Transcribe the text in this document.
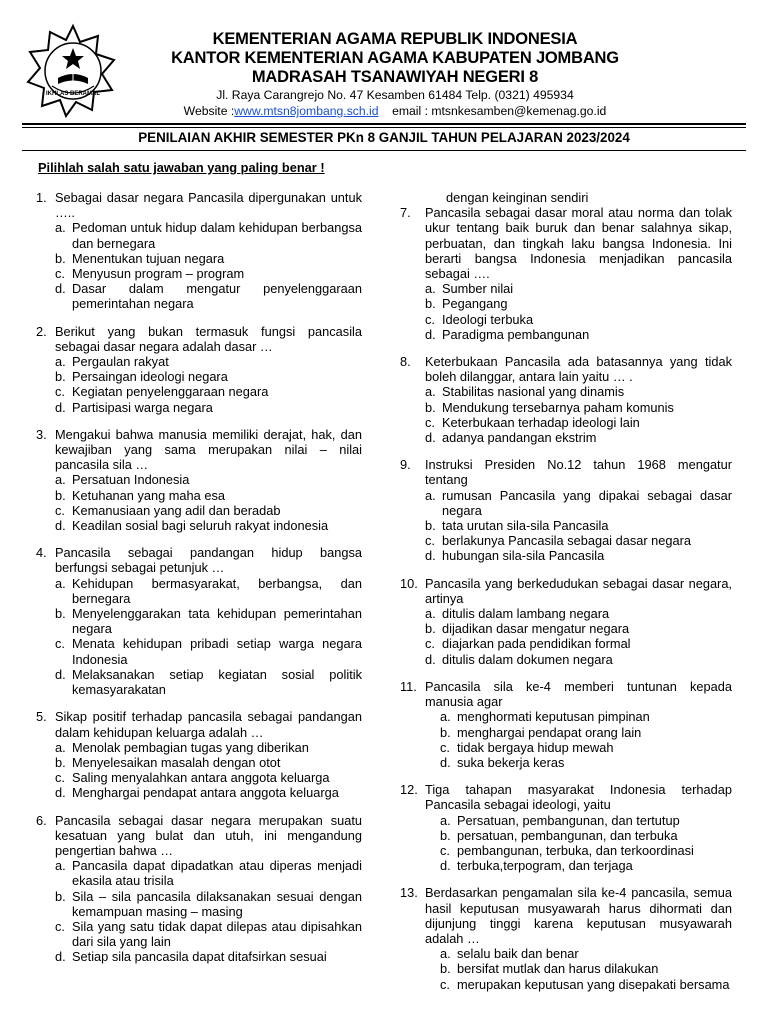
IKHLAS BERAMAL
KEMENTERIAN AGAMA REPUBLIK INDONESIA
KANTOR KEMENTERIAN AGAMA KABUPATEN JOMBANG
MADRASAH TSANAWIYAH NEGERI 8
Jl. Raya Carangrejo No. 47 Kesamben 61484 Telp. (0321) 495934
Website :www.mtsn8jombang.sch.id email : mtsnkesamben@kemenag.go.id
PENILAIAN AKHIR SEMESTER PKn 8 GANJIL TAHUN PELAJARAN 2023/2024
Pilihlah salah satu jawaban yang paling benar !
1. Sebagai dasar negara Pancasila dipergunakan untuk …..
a. Pedoman untuk hidup dalam kehidupan berbangsa dan bernegara
b. Menentukan tujuan negara
c. Menyusun program – program
d. Dasar dalam mengatur penyelenggaraan pemerintahan negara
2. Berikut yang bukan termasuk fungsi pancasila sebagai dasar negara adalah dasar …
a. Pergaulan rakyat
b. Persaingan ideologi negara
c. Kegiatan penyelenggaraan negara
d. Partisipasi warga negara
3. Mengakui bahwa manusia memiliki derajat, hak, dan kewajiban yang sama merupakan nilai – nilai pancasila sila …
a. Persatuan Indonesia
b. Ketuhanan yang maha esa
c. Kemanusiaan yang adil dan beradab
d. Keadilan sosial bagi seluruh rakyat indonesia
4. Pancasila sebagai pandangan hidup bangsa berfungsi sebagai petunjuk …
a. Kehidupan bermasyarakat, berbangsa, dan bernegara
b. Menyelenggarakan tata kehidupan pemerintahan negara
c. Menata kehidupan pribadi setiap warga negara Indonesia
d. Melaksanakan setiap kegiatan sosial politik kemasyarakatan
5. Sikap positif terhadap pancasila sebagai pandangan dalam kehidupan keluarga adalah …
a. Menolak pembagian tugas yang diberikan
b. Menyelesaikan masalah dengan otot
c. Saling menyalahkan antara anggota keluarga
d. Menghargai pendapat antara anggota keluarga
6. Pancasila sebagai dasar negara merupakan suatu kesatuan yang bulat dan utuh, ini mengandung pengertian bahwa …
a. Pancasila dapat dipadatkan atau diperas menjadi ekasila atau trisila
b. Sila – sila pancasila dilaksanakan sesuai dengan kemampuan masing – masing
c. Sila yang satu tidak dapat dilepas atau dipisahkan dari sila yang lain
d. Setiap sila pancasila dapat ditafsirkan sesuai
dengan keinginan sendiri
7.	Pancasila sebagai dasar moral atau norma dan tolak ukur tentang baik buruk dan benar salahnya sikap, perbuatan, dan tingkah laku bangsa Indonesia. Ini berarti bangsa Indonesia menjadikan pancasila sebagai ….
a. Sumber nilai
b. Pegangang
c. Ideologi terbuka
d. Paradigma pembangunan
8.	Keterbukaan Pancasila ada batasannya yang tidak boleh dilanggar, antara lain yaitu … .
a. Stabilitas nasional yang dinamis
b. Mendukung tersebarnya paham komunis
c. Keterbukaan terhadap ideologi lain
d. adanya pandangan ekstrim
9.	Instruksi Presiden No.12 tahun 1968 mengatur tentang
a. rumusan Pancasila yang dipakai sebagai dasar negara
b. tata urutan sila-sila Pancasila
c. berlakunya Pancasila sebagai dasar negara
d. hubungan sila-sila Pancasila
10. Pancasila yang berkedudukan sebagai dasar negara, artinya
a. ditulis dalam lambang negara
b. dijadikan dasar mengatur negara
c. diajarkan pada pendidikan formal
d. ditulis dalam dokumen negara
11. Pancasila sila ke-4 memberi tuntunan kepada manusia agar
a. menghormati keputusan pimpinan
b. menghargai pendapat orang lain
c. tidak bergaya hidup mewah
d. suka bekerja keras
12. Tiga tahapan masyarakat Indonesia terhadap Pancasila sebagai ideologi, yaitu
a. Persatuan, pembangunan, dan tertutup
b. persatuan, pembangunan, dan terbuka
c. pembangunan, terbuka, dan terkoordinasi
d. terbuka,terpogram, dan terjaga
13. Berdasarkan pengamalan sila ke-4 pancasila, semua hasil keputusan musyawarah harus dihormati dan dijunjung tinggi karena keputusan musyawarah adalah …
a. selalu baik dan benar
b. bersifat mutlak dan harus dilakukan
c. merupakan keputusan yang disepakati bersama
